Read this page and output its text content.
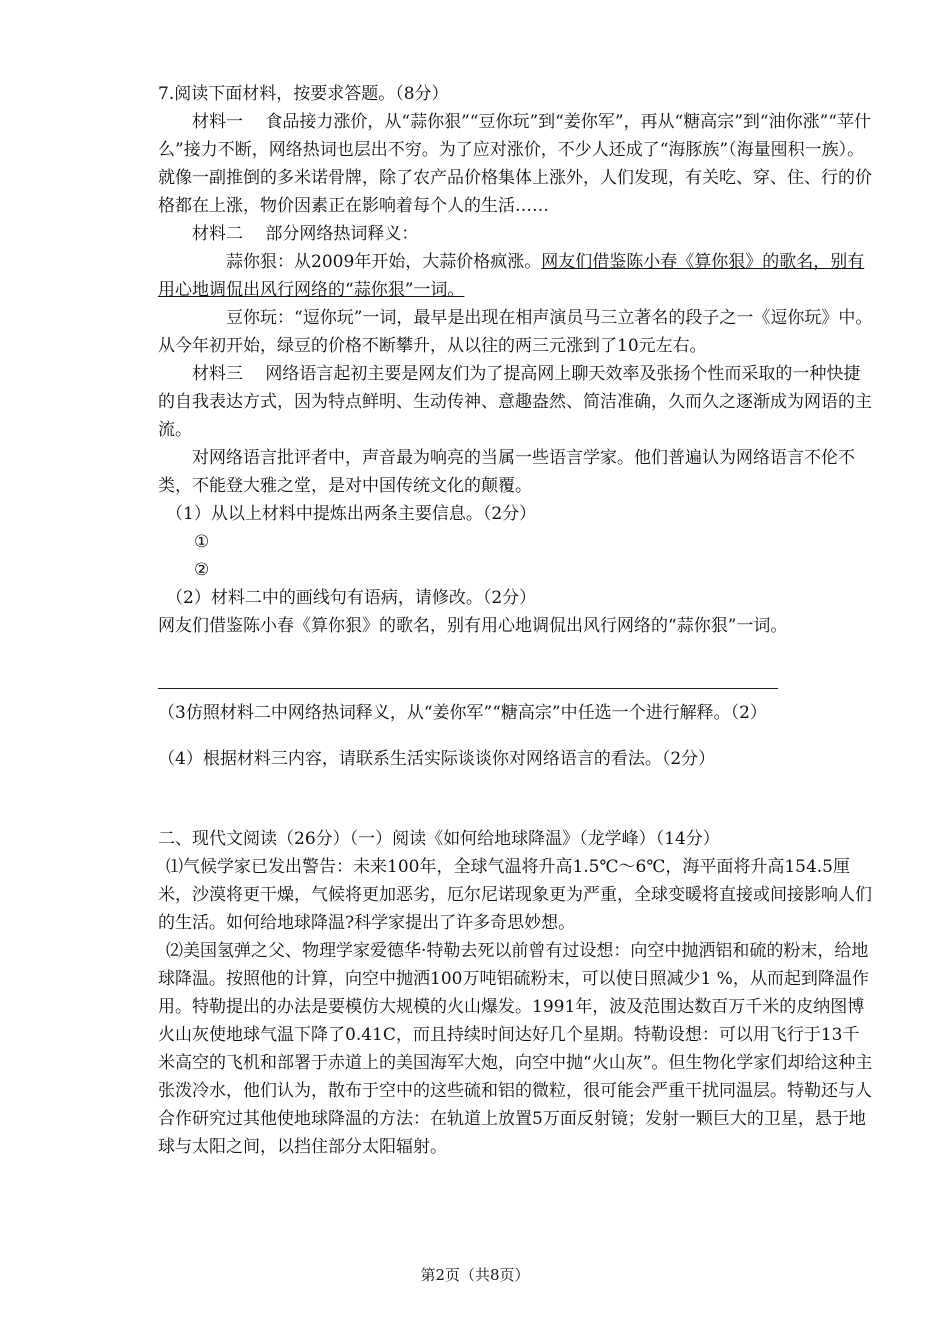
7.阅读下面材料，按要求答题。（8分）

材料一　 食品接力涨价，从“蒜你狠”“豆你玩”到“姜你军”，再从“糖高宗”到“油你涨”“苹什么”接力不断，网络热词也层出不穷。为了应对涨价，不少人还成了“海豚族”（海量囤积一族）。就像一副推倒的多米诺骨牌，除了农产品价格集体上涨外，人们发现，有关吃、穿、住、行的价格都在上涨，物价因素正在影响着每个人的生活……

材料二　 部分网络热词释义：

蒜你狠：从2009年开始，大蒜价格疯涨。网友们借鉴陈小春《算你狠》的歌名，别有用心地调侃出风行网络的“蒜你狠”一词。

豆你玩：“逗你玩”一词，最早是出现在相声演员马三立著名的段子之一《逗你玩》中。从今年初开始，绿豆的价格不断攀升，从以往的两三元涨到了10元左右。

材料三　 网络语言起初主要是网友们为了提高网上聊天效率及张扬个性而采取的一种快捷的自我表达方式，因为特点鲜明、生动传神、意趣盎然、简洁准确，久而久之逐渐成为网语的主流。

对网络语言批评者中，声音最为响亮的当属一些语言学家。他们普遍认为网络语言不伦不类，不能登大雅之堂，是对中国传统文化的颠覆。

（1）从以上材料中提炼出两条主要信息。（2分）

①

②

（2）材料二中的画线句有语病，请修改。（2分）

网友们借鉴陈小春《算你狠》的歌名，别有用心地调侃出风行网络的“蒜你狠”一词。

（3仿照材料二中网络热词释义，从“姜你军”“糖高宗”中任选一个进行解释。（2）

（4）根据材料三内容，请联系生活实际谈谈你对网络语言的看法。（2分）

二、现代文阅读（26分）（一）阅读《如何给地球降温》（龙学峰）（14分）

⑴气候学家已发出警告：未来100年，全球气温将升高1.5℃～6℃，海平面将升高154.5厘米，沙漠将更干燥，气候将更加恶劣，厄尔尼诺现象更为严重，全球变暖将直接或间接影响人们的生活。如何给地球降温?科学家提出了许多奇思妙想。

⑵美国氢弹之父、物理学家爱德华·特勒去死以前曾有过设想：向空中抛洒铝和硫的粉末，给地球降温。按照他的计算，向空中抛洒100万吨铝硫粉末，可以使日照减少1 %，从而起到降温作用。特勒提出的办法是要模仿大规模的火山爆发。1991年，波及范围达数百万千米的皮纳图博火山灰使地球气温下降了0.41C，而且持续时间达好几个星期。特勒设想：可以用飞行于13千米高空的飞机和部署于赤道上的美国海军大炮，向空中抛“火山灰”。但生物化学家们却给这种主张泼冷水，他们认为，散布于空中的这些硫和铝的微粒，很可能会严重干扰同温层。特勒还与人合作研究过其他使地球降温的方法：在轨道上放置5万面反射镜；发射一颗巨大的卫星，悬于地球与太阳之间，以挡住部分太阳辐射。

第2页（共8页）
